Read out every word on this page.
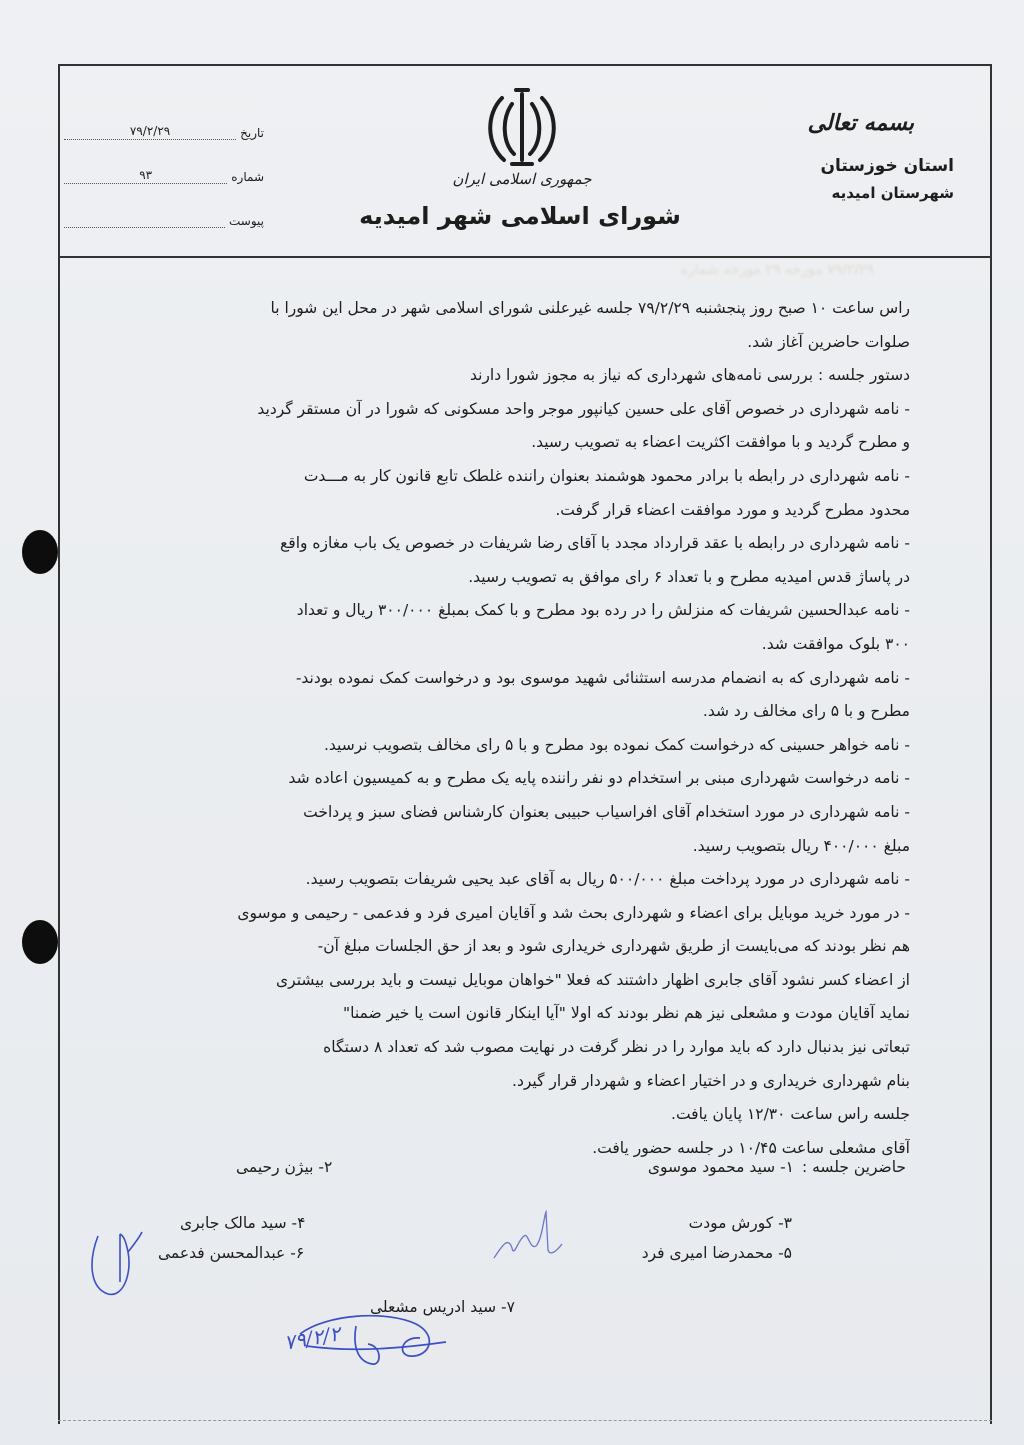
۷۹/۲/۲۹ مورخه ۲۹ مورخه شماره
بسمه تعالی
استان خوزستان
شهرستان امیدیه
تاریخ
۷۹/۲/۲۹
شماره
۹۳
پیوست
جمهوری اسلامی ایران
شورای اسلامی شهر امیدیه
راس ساعت ۱۰ صبح روز پنجشنبه ۷۹/۲/۲۹ جلسه غیرعلنی شورای اسلامی شهر در محل این شورا با
صلوات حاضرین آغاز شد.
دستور جلسه : بررسی نامه‌های شهرداری که نیاز به مجوز شورا دارند
- نامه شهرداری در خصوص آقای علی حسین کیانپور موجر واحد مسکونی که شورا در آن مستقر گردید
و مطرح گردید و با موافقت اکثریت اعضاء به تصویب رسید.
- نامه شهرداری در رابطه با برادر محمود هوشمند بعنوان راننده غلطک تابع قانون کار به مـــدت
محدود مطرح گردید و مورد موافقت اعضاء قرار گرفت.
- نامه شهرداری در رابطه با عقد قرارداد مجدد با آقای رضا شریفات در خصوص یک باب مغازه واقع
در پاساژ قدس امیدیه مطرح و با تعداد ۶ رای موافق به تصویب رسید.
- نامه عبدالحسین شریفات که منزلش را در رده بود مطرح و با کمک بمبلغ ۳۰۰/۰۰۰ ریال و تعداد
۳۰۰ بلوک موافقت شد.
- نامه شهرداری که به انضمام مدرسه استثنائی شهید موسوی بود و درخواست کمک نموده بودند-
مطرح و با ۵ رای مخالف رد شد.
- نامه خواهر حسینی که درخواست کمک نموده بود مطرح و با ۵ رای مخالف بتصویب نرسید.
- نامه درخواست شهرداری مبنی بر استخدام دو نفر راننده پایه یک مطرح و به کمیسیون اعاده شد
- نامه شهرداری در مورد استخدام آقای افراسیاب حبیبی بعنوان کارشناس فضای سبز و پرداخت
مبلغ ۴۰۰/۰۰۰ ریال بتصویب رسید.
- نامه شهرداری در مورد پرداخت مبلغ ۵۰۰/۰۰۰ ریال به آقای عبد یحیی شریفات بتصویب رسید.
- در مورد خرید موبایل برای اعضاء و شهرداری بحث شد و آقایان امیری فرد و فدعمی - رحیمی و موسوی
هم نظر بودند که می‌بایست از طریق شهرداری خریداری شود و بعد از حق الجلسات مبلغ آن-
از اعضاء کسر نشود آقای جابری اظهار داشتند که فعلا "خواهان موبایل نیست و باید بررسی بیشتری
نماید آقایان مودت و مشعلی نیز هم نظر بودند که اولا "آیا اینکار قانون است یا خیر ضمنا"
تبعاتی نیز بدنبال دارد که باید موارد را در نظر گرفت در نهایت مصوب شد که تعداد ۸ دستگاه
بنام شهرداری خریداری و در اختیار اعضاء و شهردار قرار گیرد.
جلسه راس ساعت ۱۲/۳۰ پایان یافت.
آقای مشعلی ساعت ۱۰/۴۵ در جلسه حضور یافت.
حاضرین جلسه :
۱- سید محمود موسوی
۲- بیژن رحیمی
۳- کورش مودت
۴- سید مالک جابری
۵- محمدرضا امیری فرد
۶- عبدالمحسن فدعمی
۷- سید ادریس مشعلی
۷۹/۲/۲
